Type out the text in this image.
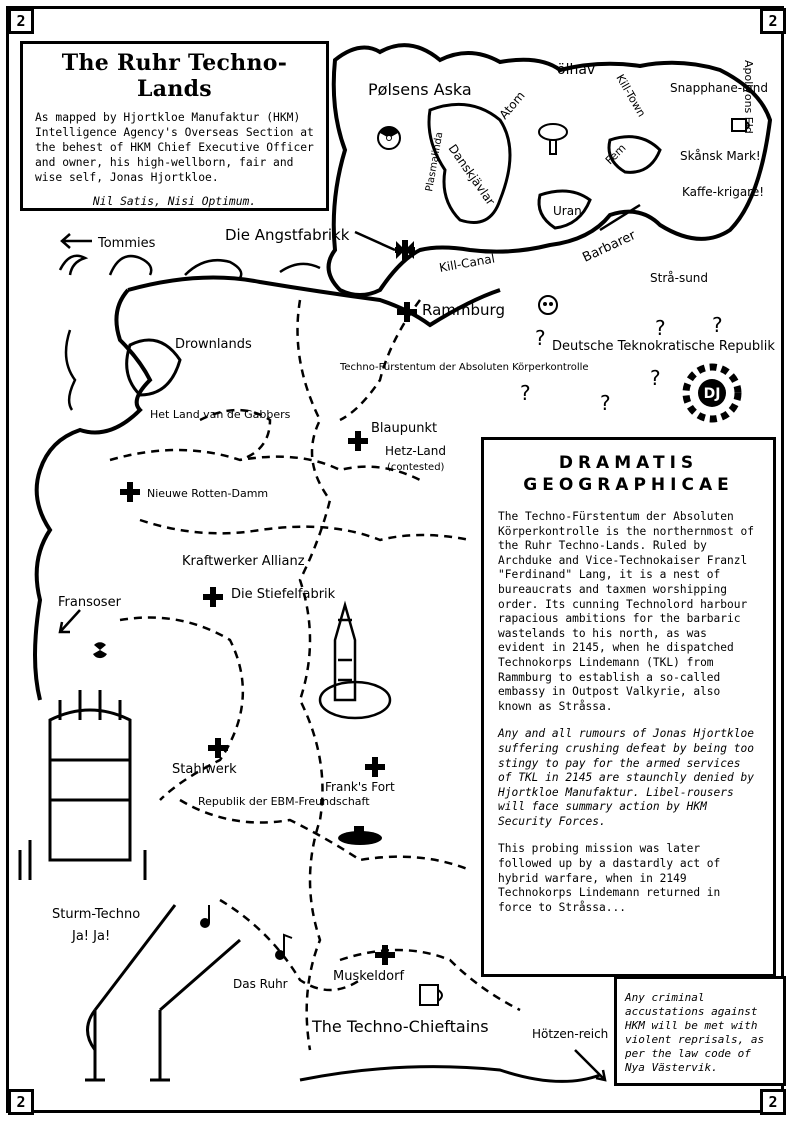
DJ
?	? ?
?
?	?
ölhav
Pølsens Aska	Kill-Town Snapphane-land
Apollyons Eld
Atom
Plasmalinda Danskjävlar	Fem	Skånsk Mark!
Kaffe-krigare!
Uran
Die Angstfabrikk	Barbarer
Tommies
Kill-Canal
Strå-sund
Rammburg
Drownlands	Deutsche Teknokratische Republik
Techno-Fürstentum der Absoluten Körperkontrolle
Het Land van de Gabbers
Blaupunkt
Hetz-Land
(contested)
Nieuwe Rotten-Damm
Kraftwerker Allianz
Die Stiefelfabrik
Fransoser
Stahlwerk
Frank's Fort
Republik der EBM-Freundschaft
Sturm-Techno
Ja! Ja!
Das Ruhr	Muskeldorf
The Techno-Chieftains	Hötzen-reich
2	2
2	2
The Ruhr Techno-Lands

As mapped by Hjortkloe Manufaktur (HKM) Intelligence Agency's Overseas Section at the behest of HKM Chief Executive Officer and owner, his high-wellborn, fair and wise self, Jonas Hjortkloe.

Nil Satis, Nisi Optimum.

DRAMATIS GEOGRAPHICAE

The Techno-Fürstentum der Absoluten Körperkontrolle is the northernmost of the Ruhr Techno-Lands. Ruled by Archduke and Vice-Technokaiser Franzl "Ferdinand" Lang, it is a nest of bureaucrats and taxmen worshipping order. Its cunning Technolord harbour rapacious ambitions for the barbaric wastelands to his north, as was evident in 2145, when he dispatched Technokorps Lindemann (TKL) from Rammburg to establish a so-called embassy in Outpost Valkyrie, also known as Stråssa.

Any and all rumours of Jonas Hjortkloe suffering crushing defeat by being too stingy to pay for the armed services of TKL in 2145 are staunchly denied by Hjortkloe Manufaktur. Libel-rousers will face summary action by HKM Security Forces.

This probing mission was later followed up by a dastardly act of hybrid warfare, when in 2149 Technokorps Lindemann returned in force to Stråssa...

Any criminal accustations against HKM will be met with violent reprisals, as per the law code of Nya Västervik.
